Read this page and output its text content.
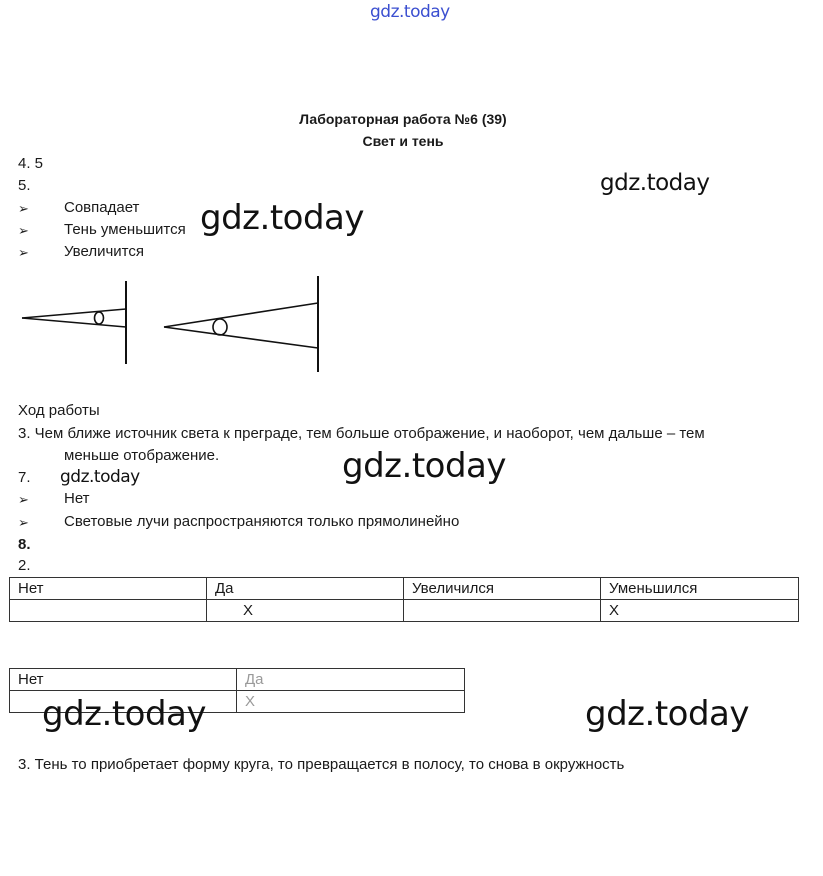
gdz.today
Лабораторная работа №6 (39)
Свет и тень
4. 5
5.
➢ Совпадает
➢ Тень уменьшится
➢ Увеличится
gdz.today
gdz.today
Ход работы
3. Чем ближе источник света к преграде, тем больше отображение, и наоборот, чем дальше – тем
меньше отображение.	gdz.today
7. gdz.today
➢ Нет
➢ Световые лучи распространяются только прямолинейно
8.
2.
Нет	Да	Увеличился	Уменьшился
	Х		Х
Нет	Да
	Х
gdz.today	gdz.today
3. Тень то приобретает форму круга, то превращается в полосу, то снова в окружность
